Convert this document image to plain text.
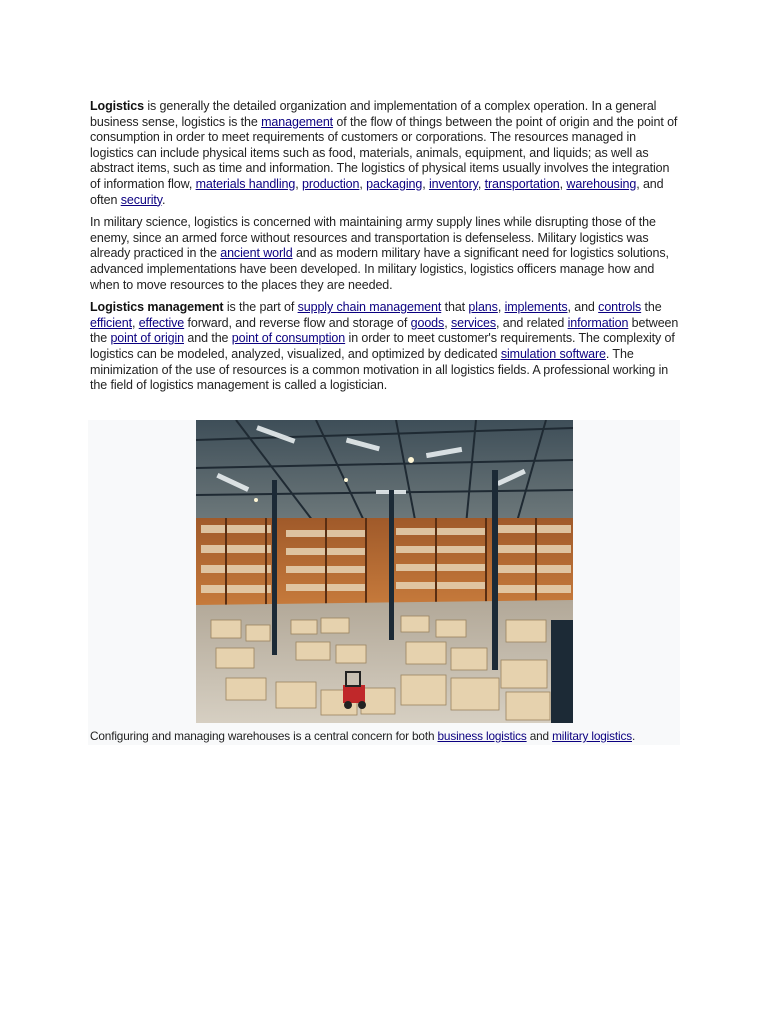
Logistics is generally the detailed organization and implementation of a complex operation. In a general business sense, logistics is the management of the flow of things between the point of origin and the point of consumption in order to meet requirements of customers or corporations. The resources managed in logistics can include physical items such as food, materials, animals, equipment, and liquids; as well as abstract items, such as time and information. The logistics of physical items usually involves the integration of information flow, materials handling, production, packaging, inventory, transportation, warehousing, and often security.

In military science, logistics is concerned with maintaining army supply lines while disrupting those of the enemy, since an armed force without resources and transportation is defenseless. Military logistics was already practiced in the ancient world and as modern military have a significant need for logistics solutions, advanced implementations have been developed. In military logistics, logistics officers manage how and when to move resources to the places they are needed.

Logistics management is the part of supply chain management that plans, implements, and controls the efficient, effective forward, and reverse flow and storage of goods, services, and related information between the point of origin and the point of consumption in order to meet customer's requirements. The complexity of logistics can be modeled, analyzed, visualized, and optimized by dedicated simulation software. The minimization of the use of resources is a common motivation in all logistics fields. A professional working in the field of logistics management is called a logistician.

Configuring and managing warehouses is a central concern for both business logistics and military logistics.
